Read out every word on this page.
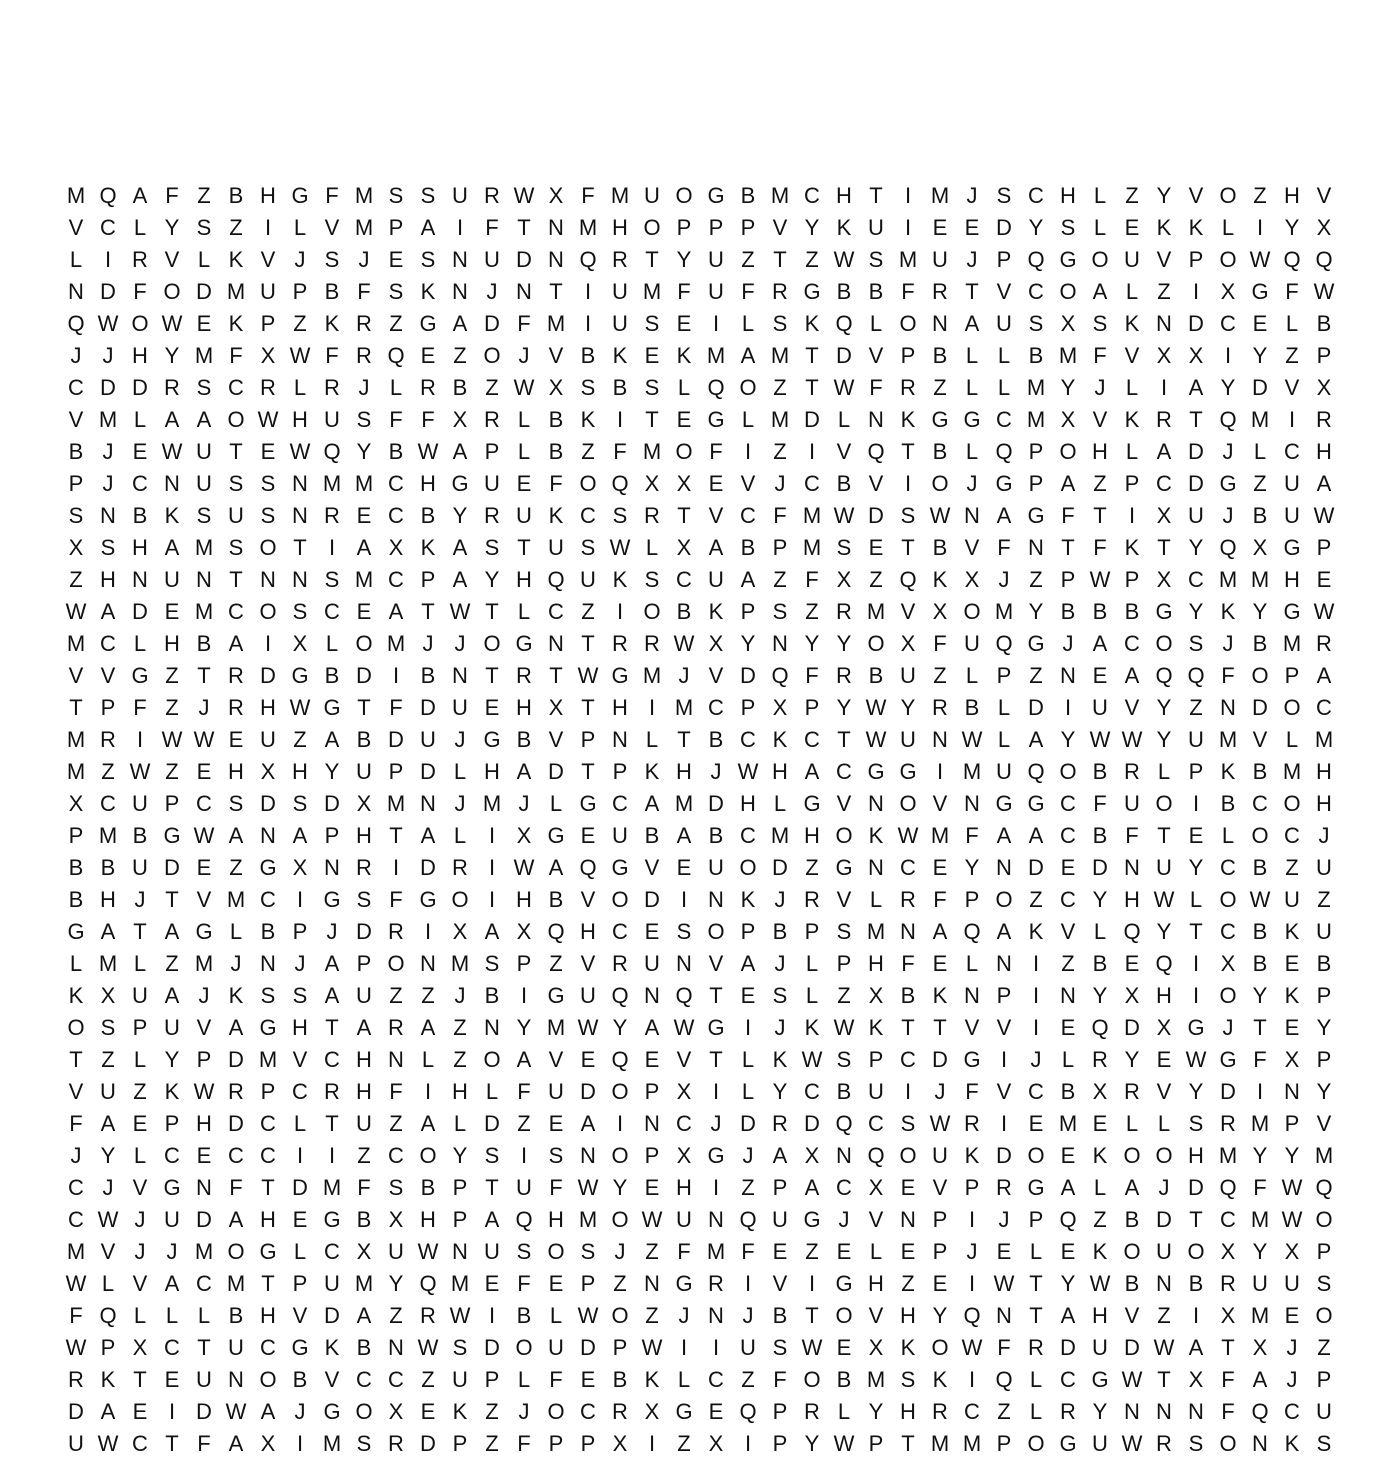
M Q A F Z B H G F M S S U R W X F M U O G B M C H T	I M J S C H L Z Y V O Z H V
V C L Y S Z	I	L V M P A I	F T N M H O P P P V Y K U I E E D Y S L E K K L	I Y X
L	I R V L K V J S J E S N U D N Q R T Y U Z T Z W S M U J P Q G O U V P O W Q Q
N D F O D M U P B F S K N J N T	I U M F U F R G B B F R T V C O A L Z	I X G F W
Q W O W E K P Z K R Z G A D F M I U S E I	L S K Q L O N A U S X S K N D C E L B
J J H Y M F X W F R Q E Z O J V B K E K M A M T D V P B L L B M F V X X I Y Z P
C D D R S C R L R J L R B Z W X S B S L Q O Z T W F R Z L L M Y J L	I A Y D V X
V M L A A O W H U S F F X R L B K I	T E G L M D L N K G G C M X V K R T Q M I R
B J E W U T E W Q Y B W A P L B Z F M O F	I	Z	I V Q T B L Q P O H L A D J L C H
P J C N U S S N M M C H G U E F O Q X X E V J C B V I O J G P A Z P C D G Z U A
S N B K S U S N R E C B Y R U K C S R T V C F M W D S W N A G F T	I X U J B U W
X S H A M S O T	I A X K A S T U S W L X A B P M S E T B V F N T F K T Y Q X G P
Z H N U N T N N S M C P A Y H Q U K S C U A Z F X Z Q K X J Z P W P X C M M H E
W A D E M C O S C E A T W T L C Z	I O B K P S Z R M V X O M Y B B B G Y K Y G W
M C L H B A I X L O M J J O G N T R R W X Y N Y Y O X F U Q G J A C O S J B M R
V V G Z T R D G B D I B N T R T W G M J V D Q F R B U Z L P Z N E A Q Q F O P A
T P F Z J R H W G T F D U E H X T H I M C P X P Y W Y R B L D I U V Y Z N D O C
M R I W W E U Z A B D U J G B V P N L T B C K C T W U N W L A Y W W Y U M V L M
M Z W Z E H X H Y U P D L H A D T P K H J W H A C G G I M U Q O B R L P K B M H
X C U P C S D S D X M N J M J L G C A M D H L G V N O V N G G C F U O I B C O H
P M B G W A N A P H T A L	I X G E U B A B C M H O K W M F A A C B F T E L O C J
B B U D E Z G X N R I D R I W A Q G V E U O D Z G N C E Y N D E D N U Y C B Z U
B H J T V M C I G S F G O I H B V O D I N K J R V L R F P O Z C Y H W L O W U Z
G A T A G L B P J D R I X A X Q H C E S O P B P S M N A Q A K V L Q Y T C B K U
L M L Z M J N J A P O N M S P Z V R U N V A J L P H F E L N I	Z B E Q I X B E B
K X U A J K S S A U Z Z J B I G U Q N Q T E S L Z X B K N P I N Y X H I O Y K P
O S P U V A G H T A R A Z N Y M W Y A W G I	J K W K T T V V I E Q D X G J T E Y
T Z L Y P D M V C H N L Z O A V E Q E V T L K W S P C D G I	J L R Y E W G F X P
V U Z K W R P C R H F	I H L F U D O P X I	L Y C B U I	J F V C B X R V Y D I N Y
F A E P H D C L T U Z A L D Z E A I N C J D R D Q C S W R I E M E L L S R M P V
J Y L C E C C I	I	Z C O Y S I S N O P X G J A X N Q O U K D O E K O O H M Y Y M
C J V G N F T D M F S B P T U F W Y E H I	Z P A C X E V P R G A L A J D Q F W Q
C W J U D A H E G B X H P A Q H M O W U N Q U G J V N P I	J P Q Z B D T C M W O
M V J J M O G L C X U W N U S O S J Z F M F E Z E L E P J E L E K O U O X Y X P
W L V A C M T P U M Y Q M E F E P Z N G R I V I G H Z E I W T Y W B N B R U U S
F Q L L L B H V D A Z R W I B L W O Z J N J B T O V H Y Q N T A H V Z	I X M E O
W P X C T U C G K B N W S D O U D P W I	I U S W E X K O W F R D U D W A T X J Z
R K T E U N O B V C C Z U P L F E B K L C Z F O B M S K I Q L C G W T X F A J P
D A E I D W A J G O X E K Z J O C R X G E Q P R L Y H R C Z L R Y N N N F Q C U
U W C T F A X I M S R D P Z F P P X I	Z X I P Y W P T M M P O G U W R S O N K S
